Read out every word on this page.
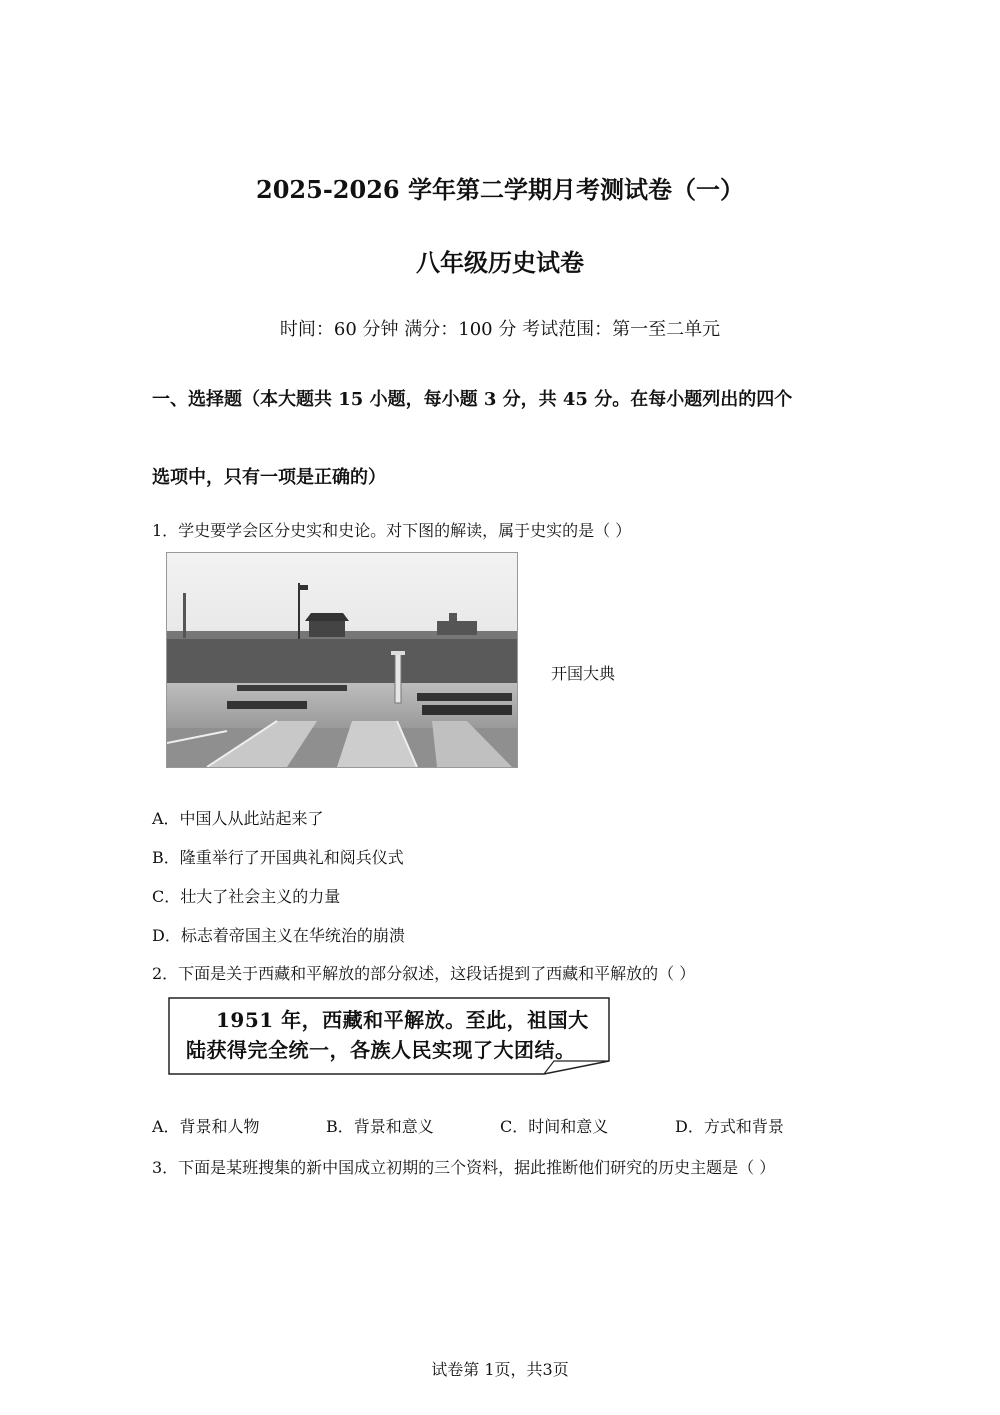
2025-2026 学年第二学期月考测试卷（一）
八年级历史试卷
时间：60 分钟 满分：100 分 考试范围：第一至二单元
一、选择题（本大题共 15 小题，每小题 3 分，共 45 分。在每小题列出的四个
选项中，只有一项是正确的）
1．学史要学会区分史实和史论。对下图的解读，属于史实的是（ ）
开国大典
A．中国人从此站起来了
B．隆重举行了开国典礼和阅兵仪式
C．壮大了社会主义的力量
D．标志着帝国主义在华统治的崩溃
2．下面是关于西藏和平解放的部分叙述，这段话提到了西藏和平解放的（ ）
1951 年，西藏和平解放。至此，祖国大
陆获得完全统一，各族人民实现了大团结。
A．背景和人物	B．背景和意义	C．时间和意义	D．方式和背景
3．下面是某班搜集的新中国成立初期的三个资料，据此推断他们研究的历史主题是（ ）
试卷第 1页，共3页
